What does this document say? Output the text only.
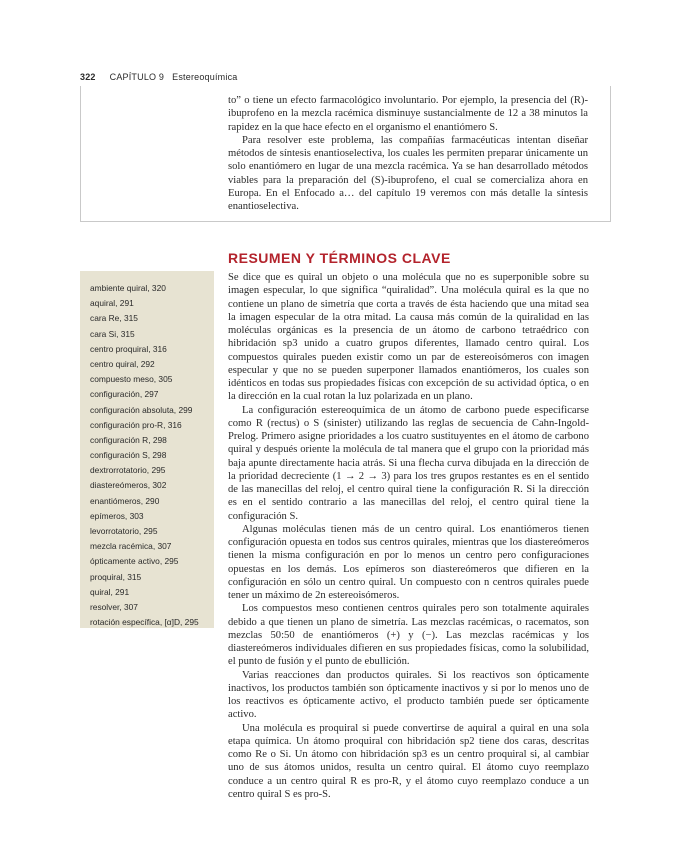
322 CAPÍTULO 9 Estereoquímica

to” o tiene un efecto farmacológico involuntario. Por ejemplo, la presencia del (R)-ibuprofeno en la mezcla racémica disminuye sustancialmente de 12 a 38 minutos la rapidez en la que hace efecto en el organismo el enantiómero S.

Para resolver este problema, las compañías farmacéuticas intentan diseñar métodos de síntesis enantioselectiva, los cuales les permiten preparar únicamente un solo enantiómero en lugar de una mezcla racémica. Ya se han desarrollado métodos viables para la preparación del (S)-ibuprofeno, el cual se comercializa ahora en Europa. En el Enfocado a… del capítulo 19 veremos con más detalle la síntesis enantioselectiva.

RESUMEN Y TÉRMINOS CLAVE
ambiente quiral, 320
aquiral, 291
cara Re, 315
cara Si, 315
centro proquiral, 316
centro quiral, 292
compuesto meso, 305
configuración, 297
configuración absoluta, 299
configuración pro-R, 316
configuración R, 298
configuración S, 298
dextrorrotatorio, 295
diastereómeros, 302
enantiómeros, 290
epímeros, 303
levorrotatorio, 295
mezcla racémica, 307
ópticamente activo, 295
proquiral, 315
quiral, 291
resolver, 307
rotación específica, [α]D, 295

Se dice que es quiral un objeto o una molécula que no es superponible sobre su imagen especular, lo que significa “quiralidad”. Una molécula quiral es la que no contiene un plano de simetría que corta a través de ésta haciendo que una mitad sea la imagen especular de la otra mitad. La causa más común de la quiralidad en las moléculas orgánicas es la presencia de un átomo de carbono tetraédrico con hibridación sp3 unido a cuatro grupos diferentes, llamado centro quiral. Los compuestos quirales pueden existir como un par de estereoisómeros con imagen especular y que no se pueden superponer llamados enantiómeros, los cuales son idénticos en todas sus propiedades físicas con excepción de su actividad óptica, o en la dirección en la cual rotan la luz polarizada en un plano.

La configuración estereoquímica de un átomo de carbono puede especificarse como R (rectus) o S (sinister) utilizando las reglas de secuencia de Cahn-Ingold-Prelog. Primero asigne prioridades a los cuatro sustituyentes en el átomo de carbono quiral y después oriente la molécula de tal manera que el grupo con la prioridad más baja apunte directamente hacia atrás. Si una flecha curva dibujada en la dirección de la prioridad decreciente (1 → 2 → 3) para los tres grupos restantes es en el sentido de las manecillas del reloj, el centro quiral tiene la configuración R. Si la dirección es en el sentido contrario a las manecillas del reloj, el centro quiral tiene la configuración S.

Algunas moléculas tienen más de un centro quiral. Los enantiómeros tienen configuración opuesta en todos sus centros quirales, mientras que los diastereómeros tienen la misma configuración en por lo menos un centro pero configuraciones opuestas en los demás. Los epímeros son diastereómeros que difieren en la configuración en sólo un centro quiral. Un compuesto con n centros quirales puede tener un máximo de 2n estereoisómeros.

Los compuestos meso contienen centros quirales pero son totalmente aquirales debido a que tienen un plano de simetría. Las mezclas racémicas, o racematos, son mezclas 50:50 de enantiómeros (+) y (−). Las mezclas racémicas y los diastereómeros individuales difieren en sus propiedades físicas, como la solubilidad, el punto de fusión y el punto de ebullición.

Varias reacciones dan productos quirales. Si los reactivos son ópticamente inactivos, los productos también son ópticamente inactivos y si por lo menos uno de los reactivos es ópticamente activo, el producto también puede ser ópticamente activo.

Una molécula es proquiral si puede convertirse de aquiral a quiral en una sola etapa química. Un átomo proquiral con hibridación sp2 tiene dos caras, descritas como Re o Si. Un átomo con hibridación sp3 es un centro proquiral si, al cambiar uno de sus átomos unidos, resulta un centro quiral. El átomo cuyo reemplazo conduce a un centro quiral R es pro-R, y el átomo cuyo reemplazo conduce a un centro quiral S es pro-S.
